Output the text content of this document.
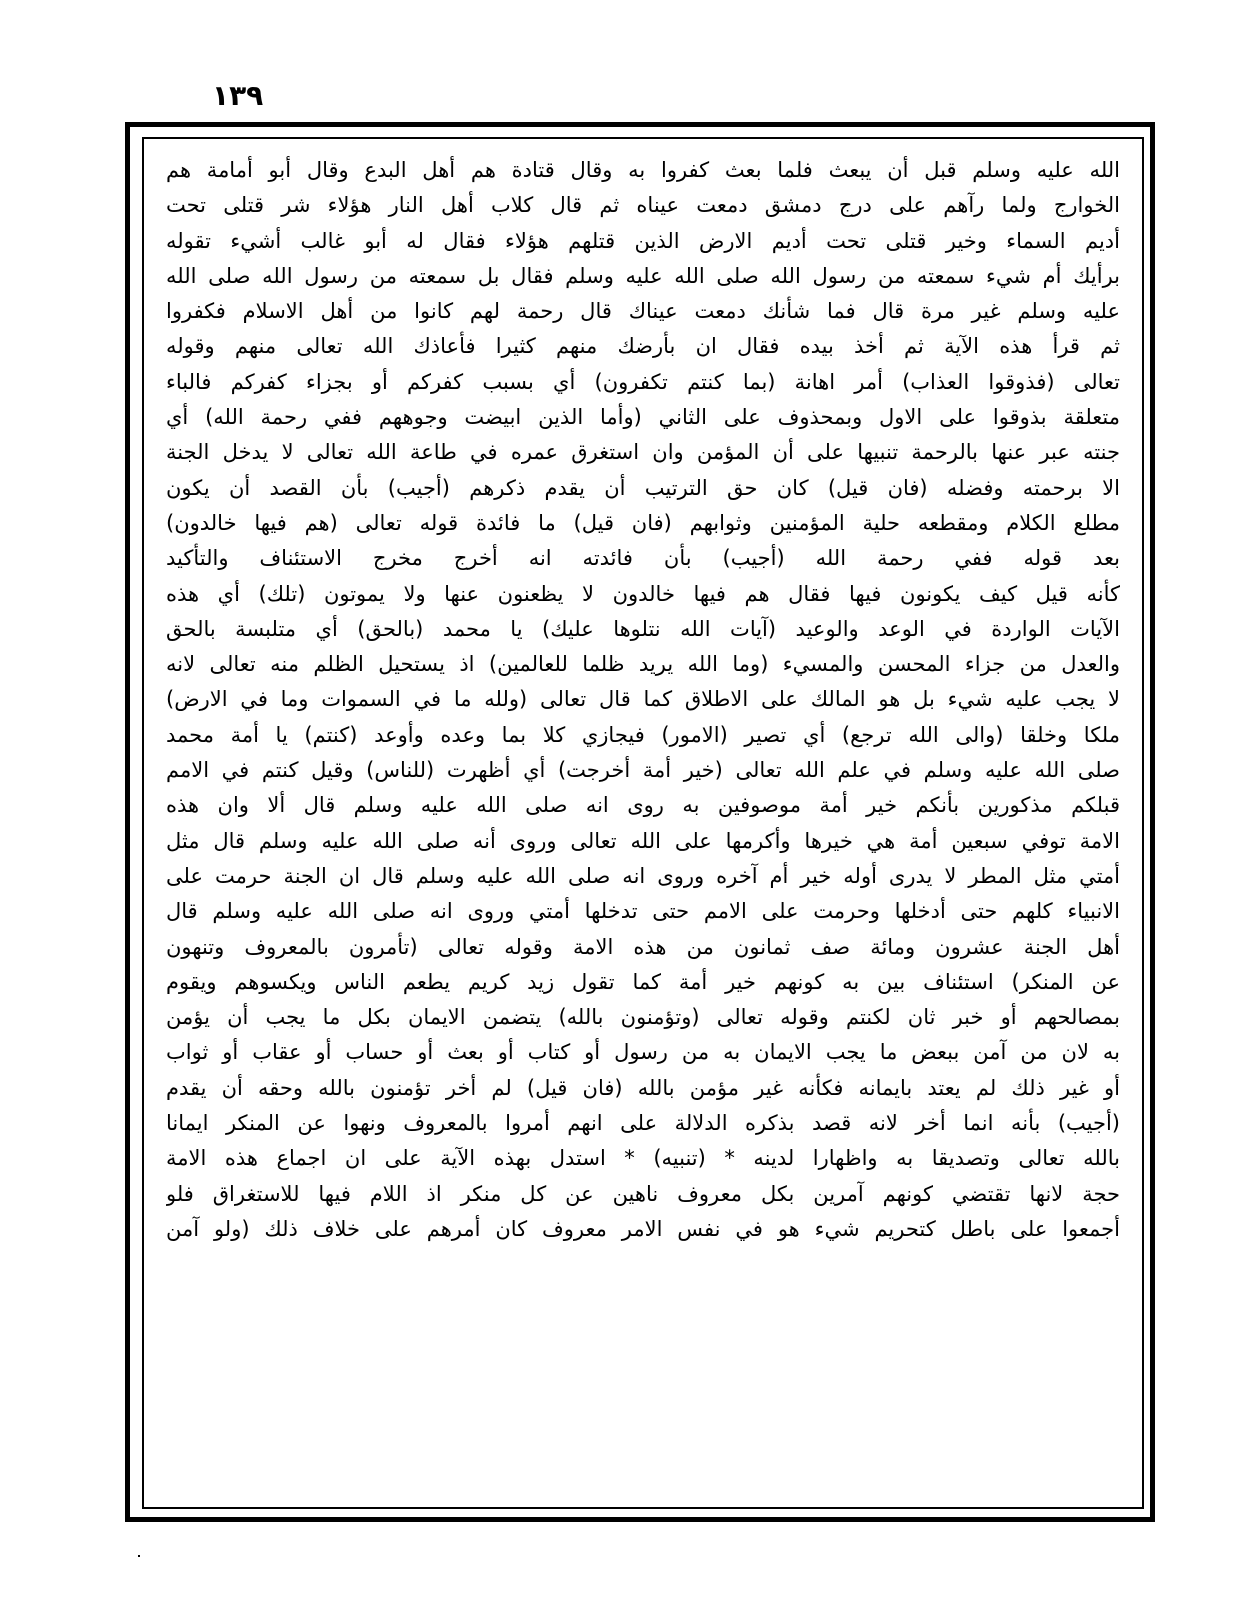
١٣٩
الله عليه وسلم قبل أن يبعث فلما بعث كفروا به وقال قتادة هم أهل البدع وقال أبو أمامة هم
الخوارج ولما رآهم على درج دمشق دمعت عيناه ثم قال كلاب أهل النار هؤلاء شر قتلى تحت
أديم السماء وخير قتلى تحت أديم الارض الذين قتلهم هؤلاء فقال له أبو غالب أشيء تقوله
برأيك أم شيء سمعته من رسول الله صلى الله عليه وسلم فقال بل سمعته من رسول الله صلى الله
عليه وسلم غير مرة قال فما شأنك دمعت عيناك قال رحمة لهم كانوا من أهل الاسلام فكفروا
ثم قرأ هذه الآية ثم أخذ بيده فقال ان بأرضك منهم كثيرا فأعاذك الله تعالى منهم وقوله
تعالى (فذوقوا العذاب) أمر اهانة (بما كنتم تكفرون) أي بسبب كفركم أو بجزاء كفركم فالباء
متعلقة بذوقوا على الاول وبمحذوف على الثاني (وأما الذين ابيضت وجوههم ففي رحمة الله) أي
جنته عبر عنها بالرحمة تنبيها على أن المؤمن وان استغرق عمره في طاعة الله تعالى لا يدخل الجنة
الا برحمته وفضله (فان قيل) كان حق الترتيب أن يقدم ذكرهم (أجيب) بأن القصد أن يكون
مطلع الكلام ومقطعه حلية المؤمنين وثوابهم (فان قيل) ما فائدة قوله تعالى (هم فيها خالدون)
بعد قوله ففي رحمة الله (أجيب) بأن فائدته انه أخرج مخرج الاستئناف والتأكيد
كأنه قيل كيف يكونون فيها فقال هم فيها خالدون لا يظعنون عنها ولا يموتون (تلك) أي هذه
الآيات الواردة في الوعد والوعيد (آيات الله نتلوها عليك) يا محمد (بالحق) أي متلبسة بالحق
والعدل من جزاء المحسن والمسيء (وما الله يريد ظلما للعالمين) اذ يستحيل الظلم منه تعالى لانه
لا يجب عليه شيء بل هو المالك على الاطلاق كما قال تعالى (ولله ما في السموات وما في الارض)
ملكا وخلقا (والى الله ترجع) أي تصير (الامور) فيجازي كلا بما وعده وأوعد (كنتم) يا أمة محمد
صلى الله عليه وسلم في علم الله تعالى (خير أمة أخرجت) أي أظهرت (للناس) وقيل كنتم في الامم
قبلكم مذكورين بأنكم خير أمة موصوفين به روى انه صلى الله عليه وسلم قال ألا وان هذه
الامة توفي سبعين أمة هي خيرها وأكرمها على الله تعالى وروى أنه صلى الله عليه وسلم قال مثل
أمتي مثل المطر لا يدرى أوله خير أم آخره وروى انه صلى الله عليه وسلم قال ان الجنة حرمت على
الانبياء كلهم حتى أدخلها وحرمت على الامم حتى تدخلها أمتي وروى انه صلى الله عليه وسلم قال
أهل الجنة عشرون ومائة صف ثمانون من هذه الامة وقوله تعالى (تأمرون بالمعروف وتنهون
عن المنكر) استئناف بين به كونهم خير أمة كما تقول زيد كريم يطعم الناس ويكسوهم ويقوم
بمصالحهم أو خبر ثان لكنتم وقوله تعالى (وتؤمنون بالله) يتضمن الايمان بكل ما يجب أن يؤمن
به لان من آمن ببعض ما يجب الايمان به من رسول أو كتاب أو بعث أو حساب أو عقاب أو ثواب
أو غير ذلك لم يعتد بايمانه فكأنه غير مؤمن بالله (فان قيل) لم أخر تؤمنون بالله وحقه أن يقدم
(أجيب) بأنه انما أخر لانه قصد بذكره الدلالة على انهم أمروا بالمعروف ونهوا عن المنكر ايمانا
بالله تعالى وتصديقا به واظهارا لدينه * (تنبيه) * استدل بهذه الآية على ان اجماع هذه الامة
حجة لانها تقتضي كونهم آمرين بكل معروف ناهين عن كل منكر اذ اللام فيها للاستغراق فلو
أجمعوا على باطل كتحريم شيء هو في نفس الامر معروف كان أمرهم على خلاف ذلك (ولو آمن
